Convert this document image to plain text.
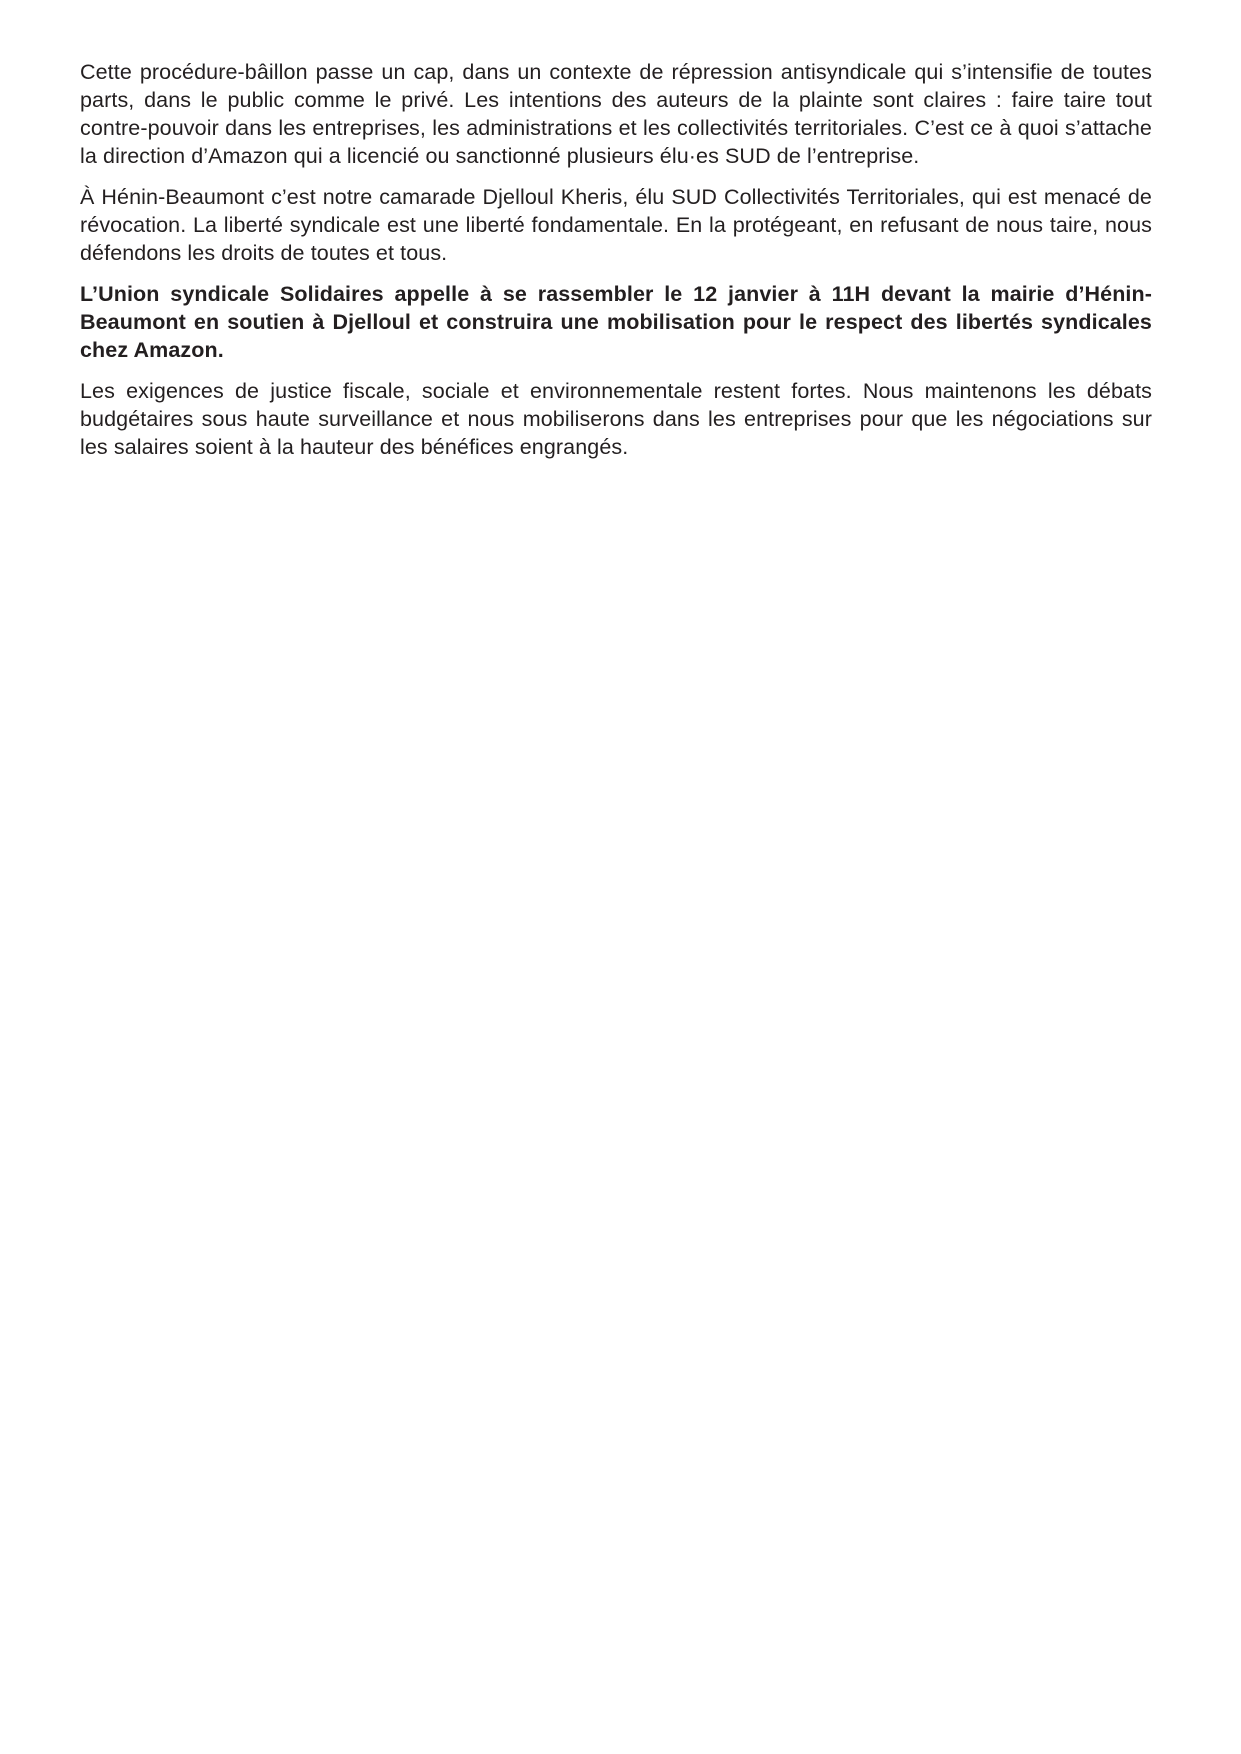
Cette procédure-bâillon passe un cap, dans un contexte de répression antisyndicale qui s’intensifie de toutes parts, dans le public comme le privé. Les intentions des auteurs de la plainte sont claires : faire taire tout contre-pouvoir dans les entreprises, les administrations et les collectivités territoriales. C’est ce à quoi s’attache la direction d’Amazon qui a licencié ou sanctionné plusieurs élu·es SUD de l’entreprise.

À Hénin-Beaumont c’est notre camarade Djelloul Kheris, élu SUD Collectivités Territoriales, qui est menacé de révocation. La liberté syndicale est une liberté fondamentale. En la protégeant, en refusant de nous taire, nous défendons les droits de toutes et tous.

L’Union syndicale Solidaires appelle à se rassembler le 12 janvier à 11H devant la mairie d’Hénin-Beaumont en soutien à Djelloul et construira une mobilisation pour le respect des libertés syndicales chez Amazon.

Les exigences de justice fiscale, sociale et environnementale restent fortes. Nous maintenons les débats budgétaires sous haute surveillance et nous mobiliserons dans les entreprises pour que les négociations sur les salaires soient à la hauteur des bénéfices engrangés.
